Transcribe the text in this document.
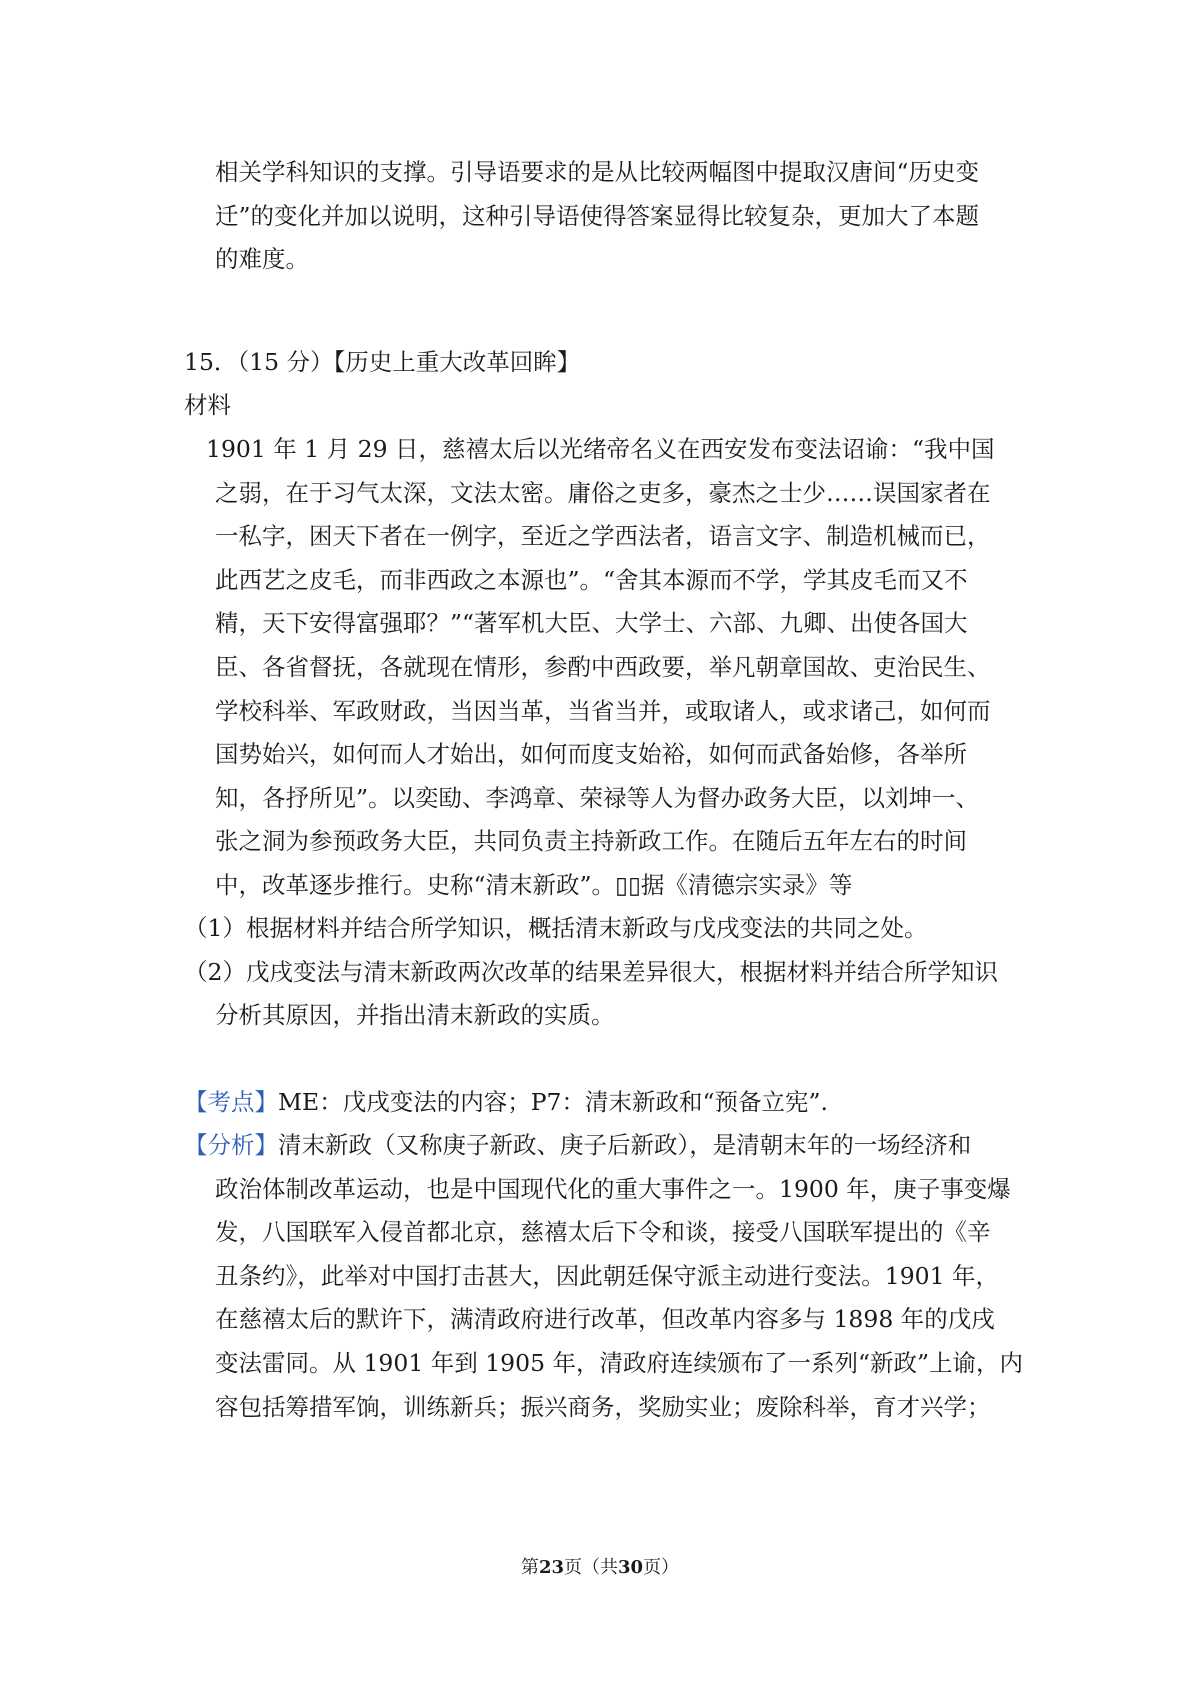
相关学科知识的支撑。引导语要求的是从比较两幅图中提取汉唐间“历史变
迁”的变化并加以说明，这种引导语使得答案显得比较复杂，更加大了本题
的难度。
15．（15 分）【历史上重大改革回眸】
材料
1901 年 1 月 29 日，慈禧太后以光绪帝名义在西安发布变法诏谕：“我中国
之弱，在于习气太深，文法太密。庸俗之吏多，豪杰之士少……误国家者在
一私字，困天下者在一例字，至近之学西法者，语言文字、制造机械而已，
此西艺之皮毛，而非西政之本源也”。“舍其本源而不学，学其皮毛而又不
精，天下安得富强耶？”“著军机大臣、大学士、六部、九卿、出使各国大
臣、各省督抚，各就现在情形，参酌中西政要，举凡朝章国故、吏治民生、
学校科举、军政财政，当因当革，当省当并，或取诸人，或求诸己，如何而
国势始兴，如何而人才始出，如何而度支始裕，如何而武备始修，各举所
知，各抒所见”。以奕劻、李鸿章、荣禄等人为督办政务大臣，以刘坤一、
张之洞为参预政务大臣，共同负责主持新政工作。在随后五年左右的时间
中，改革逐步推行。史称“清末新政”。▯▯据《清德宗实录》等
（1）根据材料并结合所学知识，概括清末新政与戊戌变法的共同之处。
（2）戊戌变法与清末新政两次改革的结果差异很大，根据材料并结合所学知识
分析其原因，并指出清末新政的实质。
【考点】ME：戊戌变法的内容；P7：清末新政和“预备立宪”.
【分析】清末新政（又称庚子新政、庚子后新政），是清朝末年的一场经济和
政治体制改革运动，也是中国现代化的重大事件之一。1900 年，庚子事变爆
发，八国联军入侵首都北京，慈禧太后下令和谈，接受八国联军提出的《辛
丑条约》，此举对中国打击甚大，因此朝廷保守派主动进行变法。1901 年，
在慈禧太后的默许下，满清政府进行改革，但改革内容多与 1898 年的戊戌
变法雷同。从 1901 年到 1905 年，清政府连续颁布了一系列“新政”上谕，内
容包括筹措军饷，训练新兵；振兴商务，奖励实业；废除科举，育才兴学；
第23页（共30页）
